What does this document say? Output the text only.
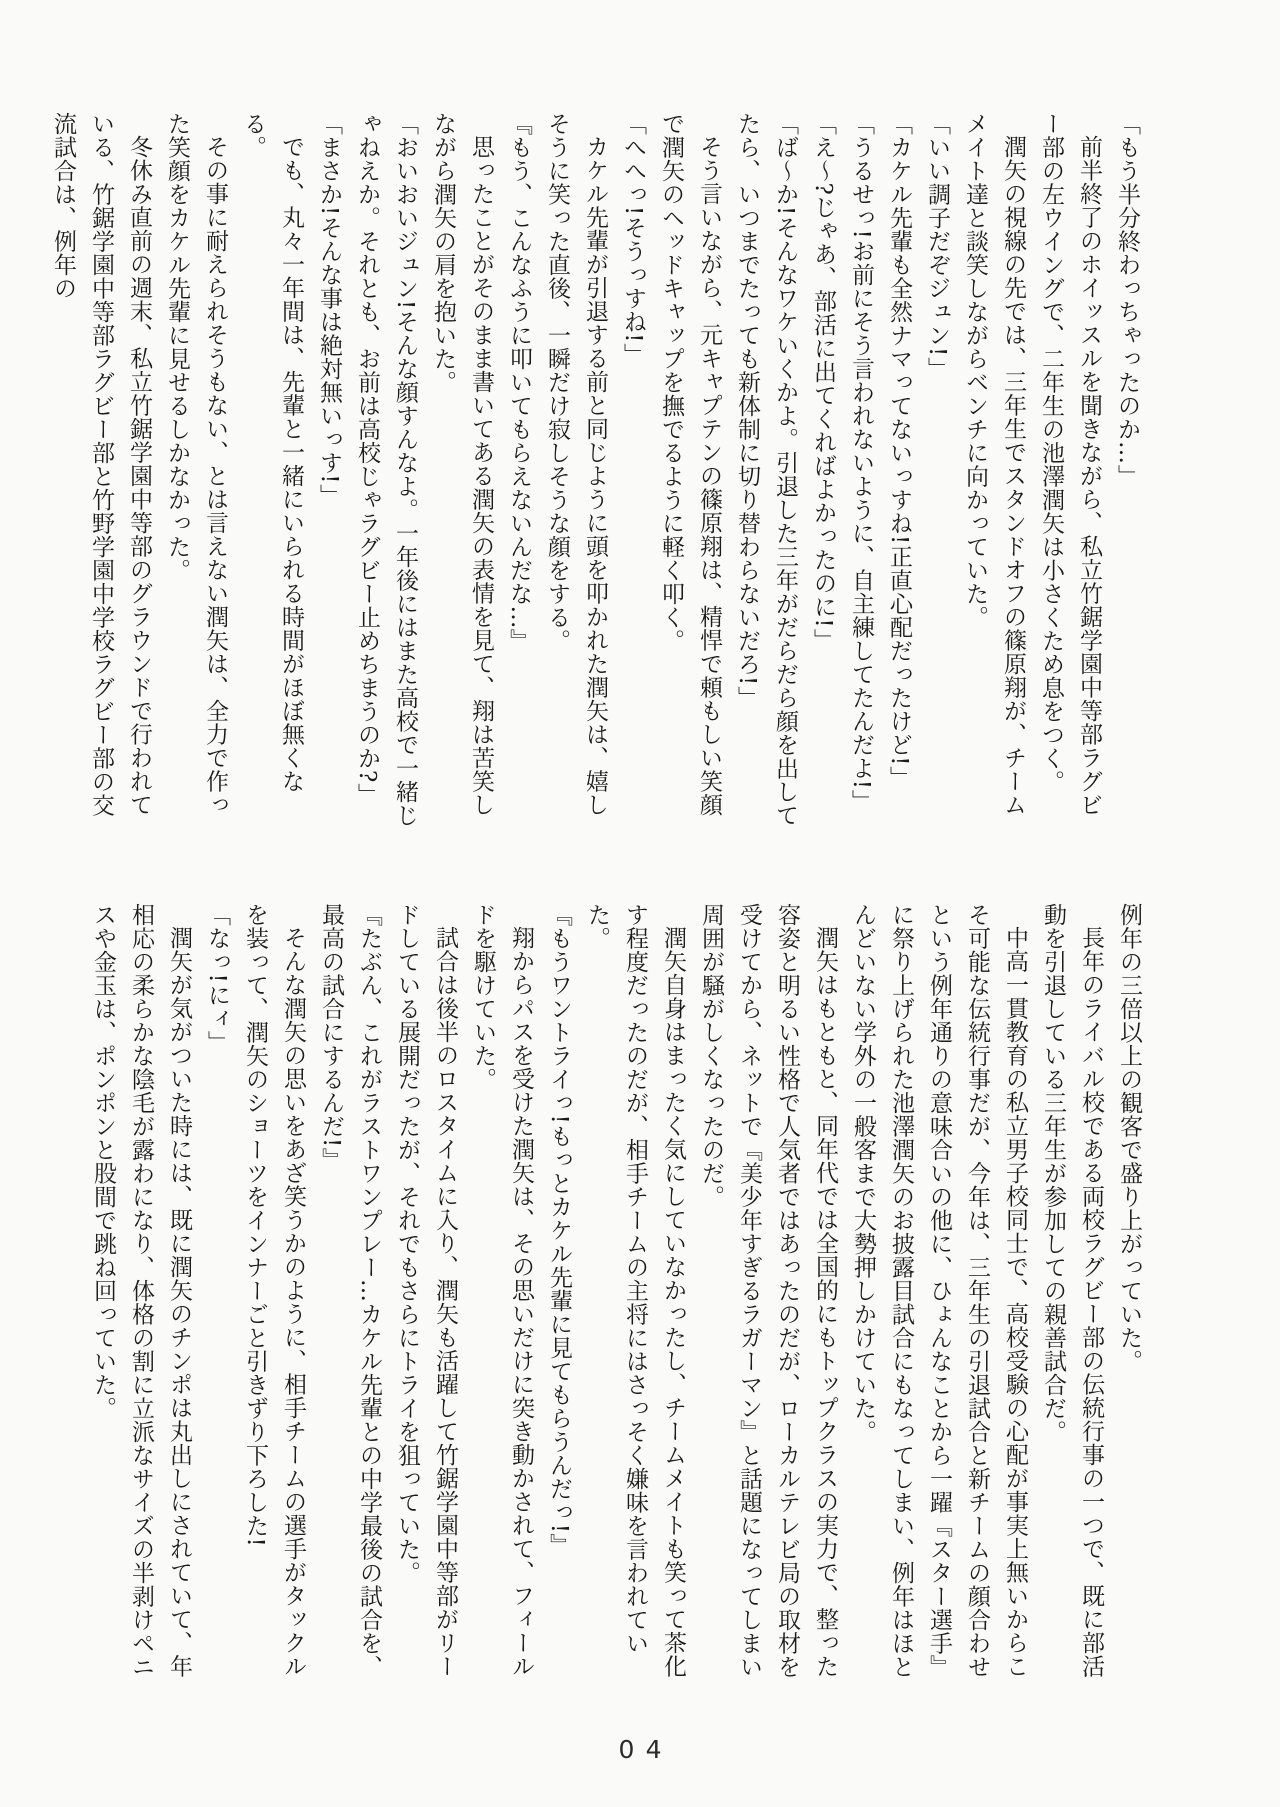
「もう半分終わっちゃったのか…」

前半終了のホイッスルを聞きながら、私立竹鋸学園中等部ラグビー部の左ウイングで、二年生の池澤潤矢は小さくため息をつく。

潤矢の視線の先では、三年生でスタンドオフの篠原翔が、チームメイト達と談笑しながらベンチに向かっていた。

「いい調子だぞジュン!」

「カケル先輩も全然ナマってないっすね!正直心配だったけど!」

「うるせっ!お前にそう言われないように、自主練してたんだよ!」

「え〜?じゃあ、部活に出てくればよかったのに!」

「ば〜か!そんなワケいくかよ。引退した三年がだらだら顔を出してたら、いつまでたっても新体制に切り替わらないだろ!」

そう言いながら、元キャプテンの篠原翔は、精悍で頼もしい笑顔で潤矢のヘッドキャップを撫でるように軽く叩く。

「へへっ!そうっすね!」

カケル先輩が引退する前と同じように頭を叩かれた潤矢は、嬉しそうに笑った直後、一瞬だけ寂しそうな顔をする。

『もう、こんなふうに叩いてもらえないんだな…』

思ったことがそのまま書いてある潤矢の表情を見て、翔は苦笑しながら潤矢の肩を抱いた。

「おいおいジュン!そんな顔すんなよ。一年後にはまた高校で一緒じゃねえか。それとも、お前は高校じゃラグビー止めちまうのか?」

「まさか!そんな事は絶対無いっす!」

でも、丸々一年間は、先輩と一緒にいられる時間がほぼ無くなる。

その事に耐えられそうもない、とは言えない潤矢は、全力で作った笑顔をカケル先輩に見せるしかなかった。

冬休み直前の週末、私立竹鋸学園中等部のグラウンドで行われている、竹鋸学園中等部ラグビー部と竹野学園中学校ラグビー部の交流試合は、例年の

例年の三倍以上の観客で盛り上がっていた。

長年のライバル校である両校ラグビー部の伝統行事の一つで、既に部活動を引退している三年生が参加しての親善試合だ。

中高一貫教育の私立男子校同士で、高校受験の心配が事実上無いからこそ可能な伝統行事だが、今年は、三年生の引退試合と新チームの顔合わせという例年通りの意味合いの他に、ひょんなことから一躍『スター選手』に祭り上げられた池澤潤矢のお披露目試合にもなってしまい、例年はほとんどいない学外の一般客まで大勢押しかけていた。

潤矢はもともと、同年代では全国的にもトップクラスの実力で、整った容姿と明るい性格で人気者ではあったのだが、ローカルテレビ局の取材を受けてから、ネットで『美少年すぎるラガーマン』と話題になってしまい周囲が騒がしくなったのだ。

潤矢自身はまったく気にしていなかったし、チームメイトも笑って茶化す程度だったのだが、相手チームの主将にはさっそく嫌味を言われていた。

『もうワントライっ!もっとカケル先輩に見てもらうんだっ!』

翔からパスを受けた潤矢は、その思いだけに突き動かされて、フィールドを駆けていた。

試合は後半のロスタイムに入り、潤矢も活躍して竹鋸学園中等部がリードしている展開だったが、それでもさらにトライを狙っていた。

『たぶん、これがラストワンプレー…カケル先輩との中学最後の試合を、最高の試合にするんだ!』

そんな潤矢の思いをあざ笑うかのように、相手チームの選手がタックルを装って、潤矢のショーツをインナーごと引きずり下ろした!

「なっ!にィ」

潤矢が気がついた時には、既に潤矢のチンポは丸出しにされていて、年相応の柔らかな陰毛が露わになり、体格の割に立派なサイズの半剥けペニスや金玉は、ポンポンと股間で跳ね回っていた。

04
